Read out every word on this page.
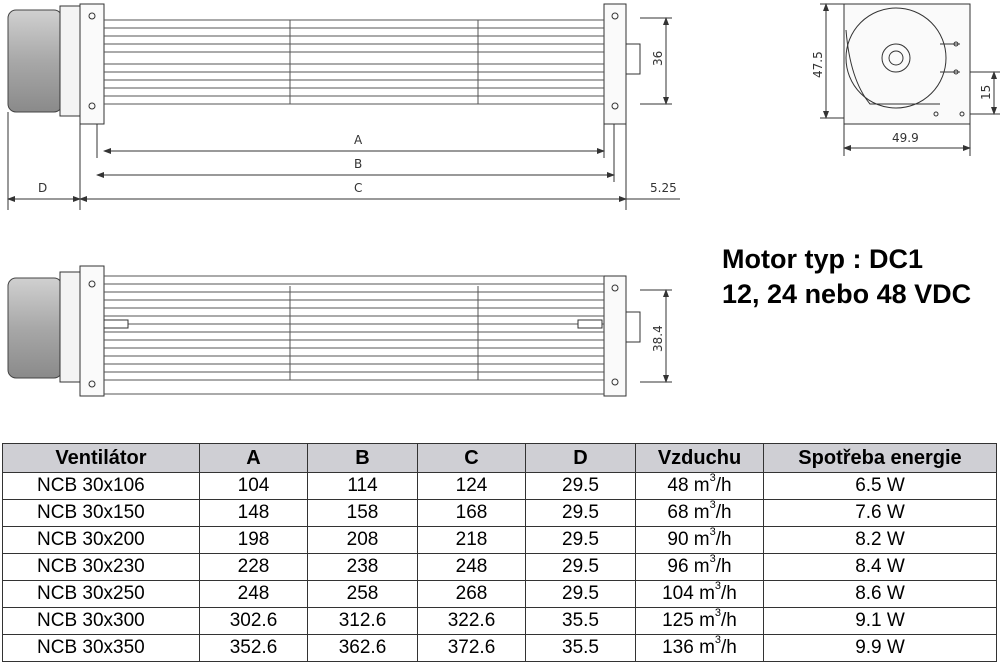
A
B
C
D	5.25
36	47.5
49.9
15
38.4
Motor typ : DC1
12, 24 nebo 48 VDC
Ventilátor	A	B	C	D	Vzduchu	Spotřeba energie
NCB 30x106	104	114	124	29.5	48 $m^3/h$	6.5 W
NCB 30x150	148	158	168	29.5	68 $m^3/h$	7.6 W
NCB 30x200	198	208	218	29.5	90 $m^3/h$	8.2 W
NCB 30x230	228	238	248	29.5	96 $m^3/h$	8.4 W
NCB 30x250	248	258	268	29.5	104 $m^3/h$	8.6 W
NCB 30x300	302.6	312.6	322.6	35.5	125 $m^3/h$	9.1 W
NCB 30x350	352.6	362.6	372.6	35.5	136 $m^3/h$	9.9 W
